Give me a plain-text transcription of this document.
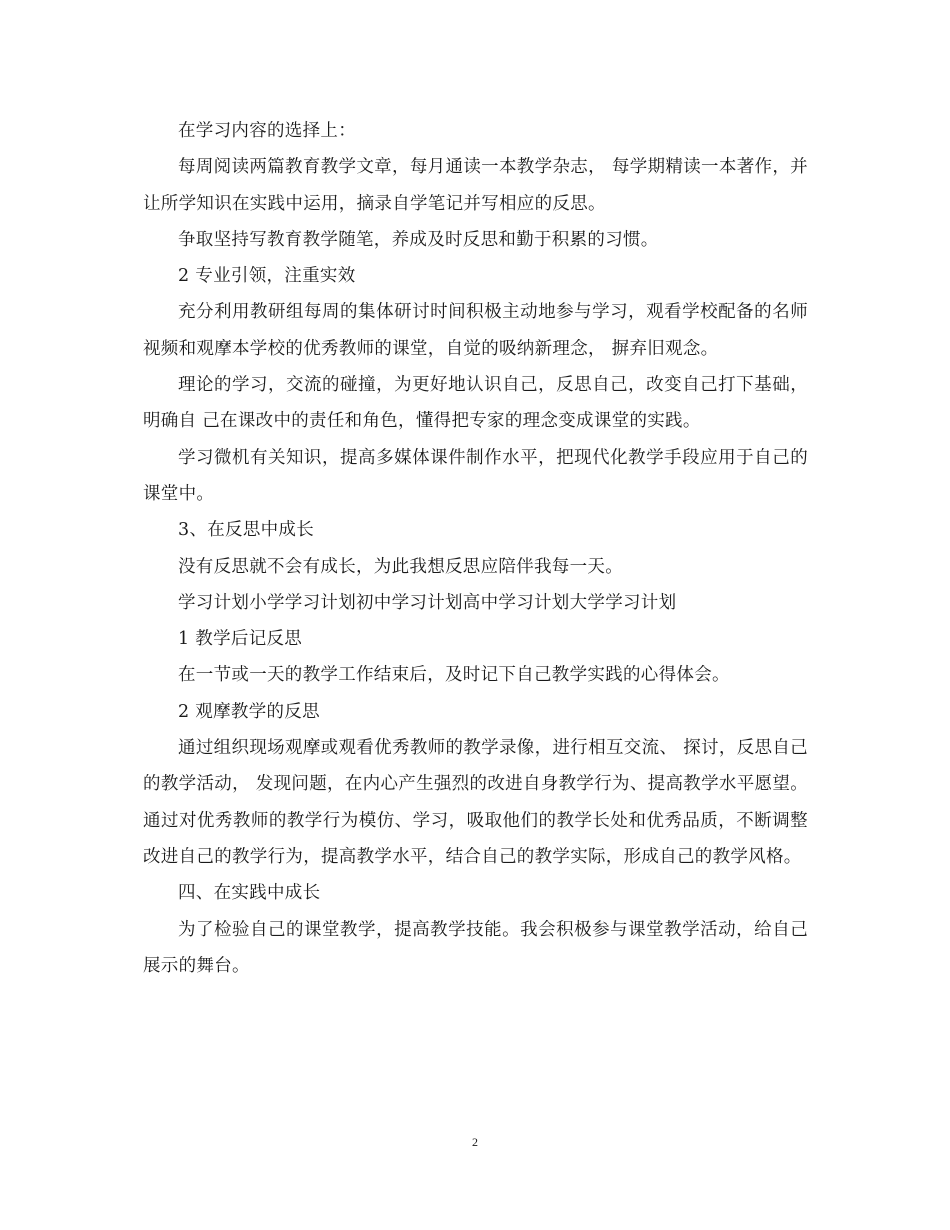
在学习内容的选择上：

每周阅读两篇教育教学文章，每月通读一本教学杂志， 每学期精读一本著作，并让所学知识在实践中运用，摘录自学笔记并写相应的反思。

争取坚持写教育教学随笔，养成及时反思和勤于积累的习惯。

2 专业引领，注重实效

充分利用教研组每周的集体研讨时间积极主动地参与学习，观看学校配备的名师 视频和观摩本学校的优秀教师的课堂，自觉的吸纳新理念， 摒弃旧观念。

理论的学习，交流的碰撞，为更好地认识自己，反思自己，改变自己打下基础，明确自 己在课改中的责任和角色，懂得把专家的理念变成课堂的实践。

学习微机有关知识，提高多媒体课件制作水平，把现代化教学手段应用于自己的课堂中。

3、在反思中成长

没有反思就不会有成长，为此我想反思应陪伴我每一天。

学习计划小学学习计划初中学习计划高中学习计划大学学习计划

1 教学后记反思

在一节或一天的教学工作结束后，及时记下自己教学实践的心得体会。

2 观摩教学的反思

通过组织现场观摩或观看优秀教师的教学录像，进行相互交流、 探讨，反思自己的教学活动， 发现问题，在内心产生强烈的改进自身教学行为、提高教学水平愿望。通过对优秀教师的教学行为模仿、学习，吸取他们的教学长处和优秀品质，不断调整改进自己的教学行为，提高教学水平，结合自己的教学实际，形成自己的教学风格。

四、在实践中成长

为了检验自己的课堂教学，提高教学技能。我会积极参与课堂教学活动，给自己展示的舞台。

2
